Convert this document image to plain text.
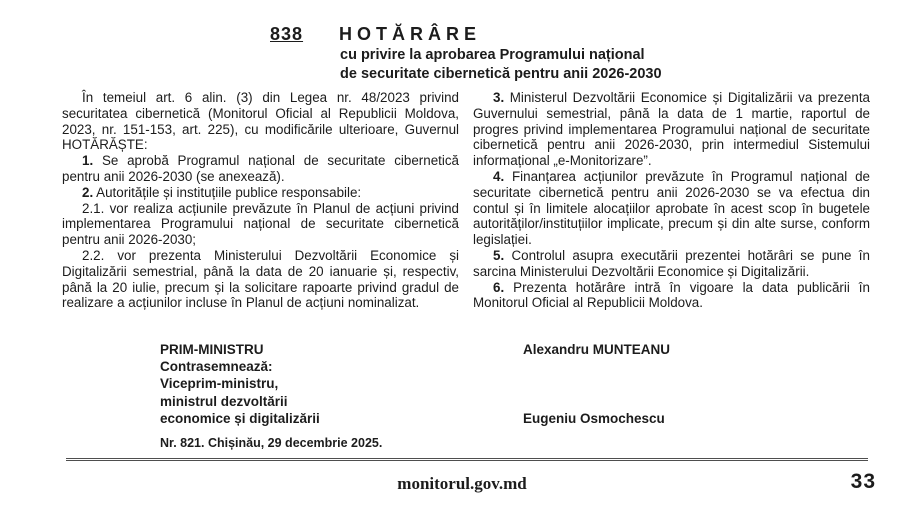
838 HOTĂRÂRE
cu privire la aprobarea Programului național
de securitate cibernetică pentru anii 2026-2030

În temeiul art. 6 alin. (3) din Legea nr. 48/2023 privind securitatea cibernetică (Monitorul Oficial al Republicii Moldova, 2023, nr. 151-153, art. 225), cu modificările ulterioare, Guvernul HOTĂRĂȘTE:

1. Se aprobă Programul național de securitate cibernetică pentru anii 2026-2030 (se anexează).

2. Autoritățile și instituțiile publice responsabile:

2.1. vor realiza acțiunile prevăzute în Planul de acțiuni privind implementarea Programului național de securitate cibernetică pentru anii 2026-2030;

2.2. vor prezenta Ministerului Dezvoltării Economice și Digitalizării semestrial, până la data de 20 ianuarie și, respectiv, până la 20 iulie, precum și la solicitare rapoarte privind gradul de realizare a acțiunilor incluse în Planul de acțiuni nominalizat.

3. Ministerul Dezvoltării Economice și Digitalizării va prezenta Guvernului semestrial, până la data de 1 martie, raportul de progres privind implementarea Programului național de securitate cibernetică pentru anii 2026-2030, prin intermediul Sistemului informațional „e-Monitorizare”.

4. Finanțarea acțiunilor prevăzute în Programul național de securitate cibernetică pentru anii 2026-2030 se va efectua din contul și în limitele alocațiilor aprobate în acest scop în bugetele autorităților/instituțiilor implicate, precum și din alte surse, conform legislației.

5. Controlul asupra executării prezentei hotărâri se pune în sarcina Ministerului Dezvoltării Economice și Digitalizării.

6. Prezenta hotărâre intră în vigoare la data publicării în Monitorul Oficial al Republicii Moldova.

PRIM-MINISTRU	Alexandru MUNTEANU
Contrasemnează:
Viceprim-ministru,
ministrul dezvoltării
economice și digitalizării	Eugeniu Osmochescu
Nr. 821. Chișinău, 29 decembrie 2025.
monitorul.gov.md	33
